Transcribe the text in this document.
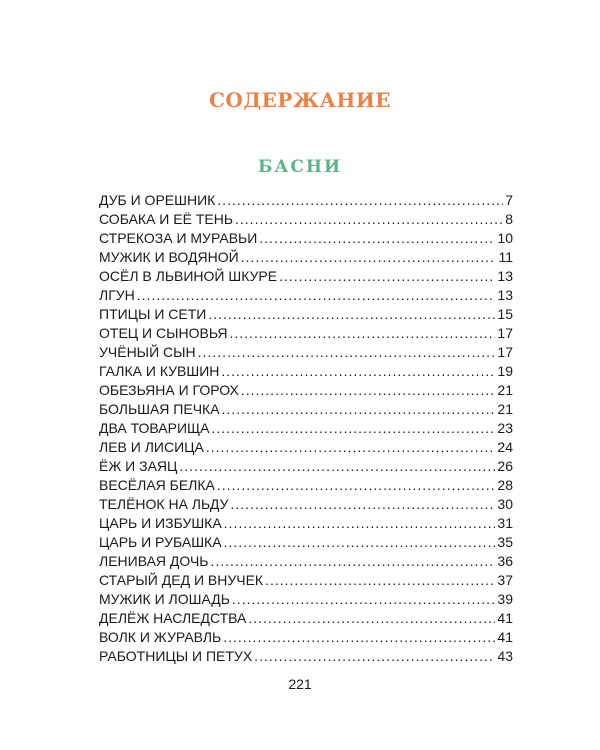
СОДЕРЖАНИЕ
БАСНИ
ДУБ И ОРЕШНИК .....	7
СОБАКА И ЕЁ ТЕНЬ .....	8
СТРЕКОЗА И МУРАВЬИ .....	10
МУЖИК И ВОДЯНОЙ .....	11
ОСЁЛ В ЛЬВИНОЙ ШКУРЕ .....	13
ЛГУН .....	13
ПТИЦЫ И СЕТИ .....	15
ОТЕЦ И СЫНОВЬЯ .....	17
УЧЁНЫЙ СЫН .....	17
ГАЛКА И КУВШИН .....	19
ОБЕЗЬЯНА И ГОРОХ .....	21
БОЛЬШАЯ ПЕЧКА .....	21
ДВА ТОВАРИЩА .....	23
ЛЕВ И ЛИСИЦА .....	24
ЁЖ И ЗАЯЦ .....	26
ВЕСЁЛАЯ БЕЛКА .....	28
ТЕЛЁНОК НА ЛЬДУ .....	30
ЦАРЬ И ИЗБУШКА .....	31
ЦАРЬ И РУБАШКА .....	35
ЛЕНИВАЯ ДОЧЬ .....	36
СТАРЫЙ ДЕД И ВНУЧЕК .....	37
МУЖИК И ЛОШАДЬ .....	39
ДЕЛЁЖ НАСЛЕДСТВА .....	41
ВОЛК И ЖУРАВЛЬ .....	41
РАБОТНИЦЫ И ПЕТУХ .....	43
221
